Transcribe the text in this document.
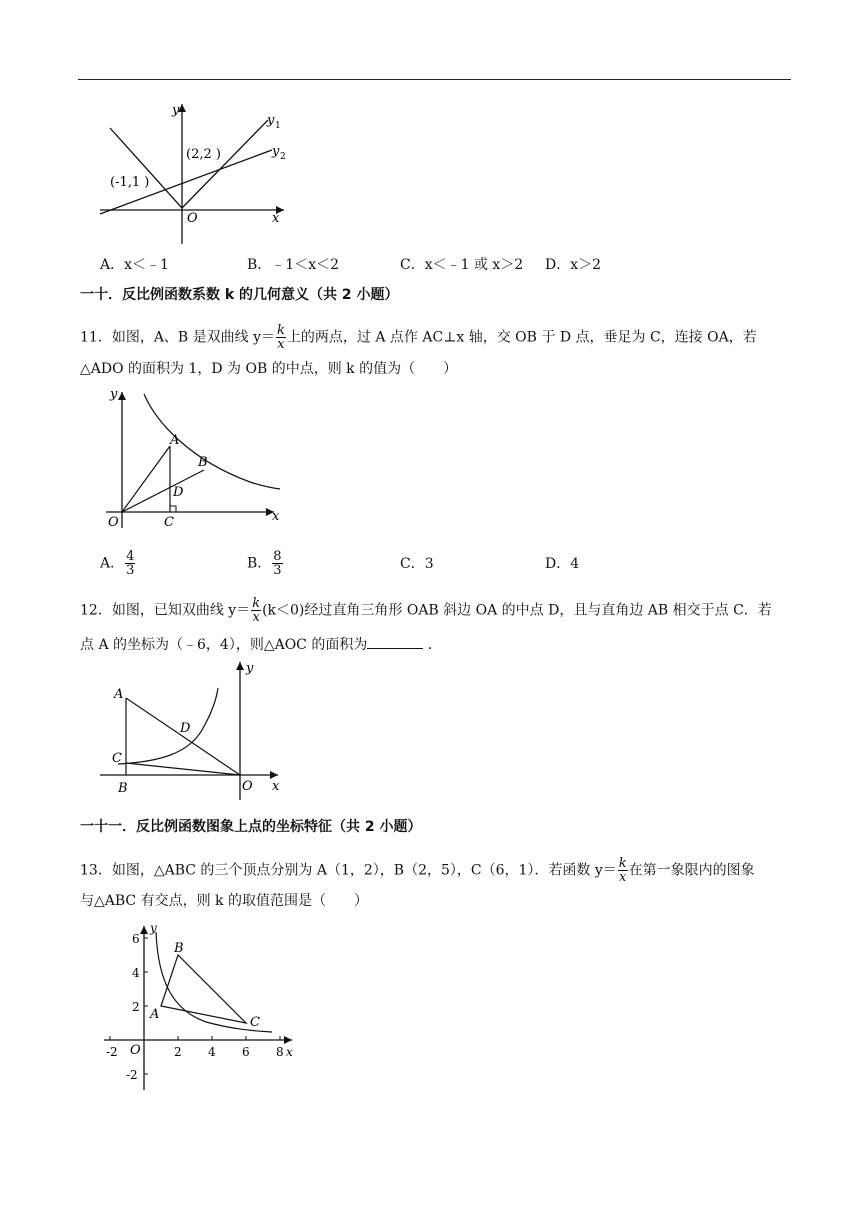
y
x
O
y 1
y 2
(2,2 )
(-1,1 )
A．x＜﹣1	B．﹣1＜x＜2	C．x＜﹣1 或 x＞2 D．x＞2
一十．反比例函数系数 k 的几何意义（共 2 小题）
11．如图，A、B 是双曲线 $y= \frac{k}{x}$ 上的两点，过 A 点作 AC⊥x 轴，交 OB 于 D 点，垂足为 C，连接 OA，若
△ADO 的面积为 1，D 为 OB 的中点，则 k 的值为（　　）
y
x
O
A
B
C
D
A． $\frac{4}{3}$	B． $\frac{8}{3}$	C．3	D．4
12．如图，已知双曲线 $y= \frac{k}{x} (k<0)$经过直角三角形 OAB 斜边 OA 的中点 D，且与直角边 AB 相交于点 C．若
点 A 的坐标为（﹣6，4），则△AOC 的面积为	．
y
x
O
A
B
C
D
一十一．反比例函数图象上点的坐标特征（共 2 小题）
13．如图，△ABC 的三个顶点分别为 A（1，2），B（2，5），C（6，1）．若函数 $y= \frac{k}{x}$ 在第一象限内的图象
与△ABC 有交点，则 k 的取值范围是（　　）
-2	2 4 6 8
6
4
2
-2
y
x
O
A
B
C
